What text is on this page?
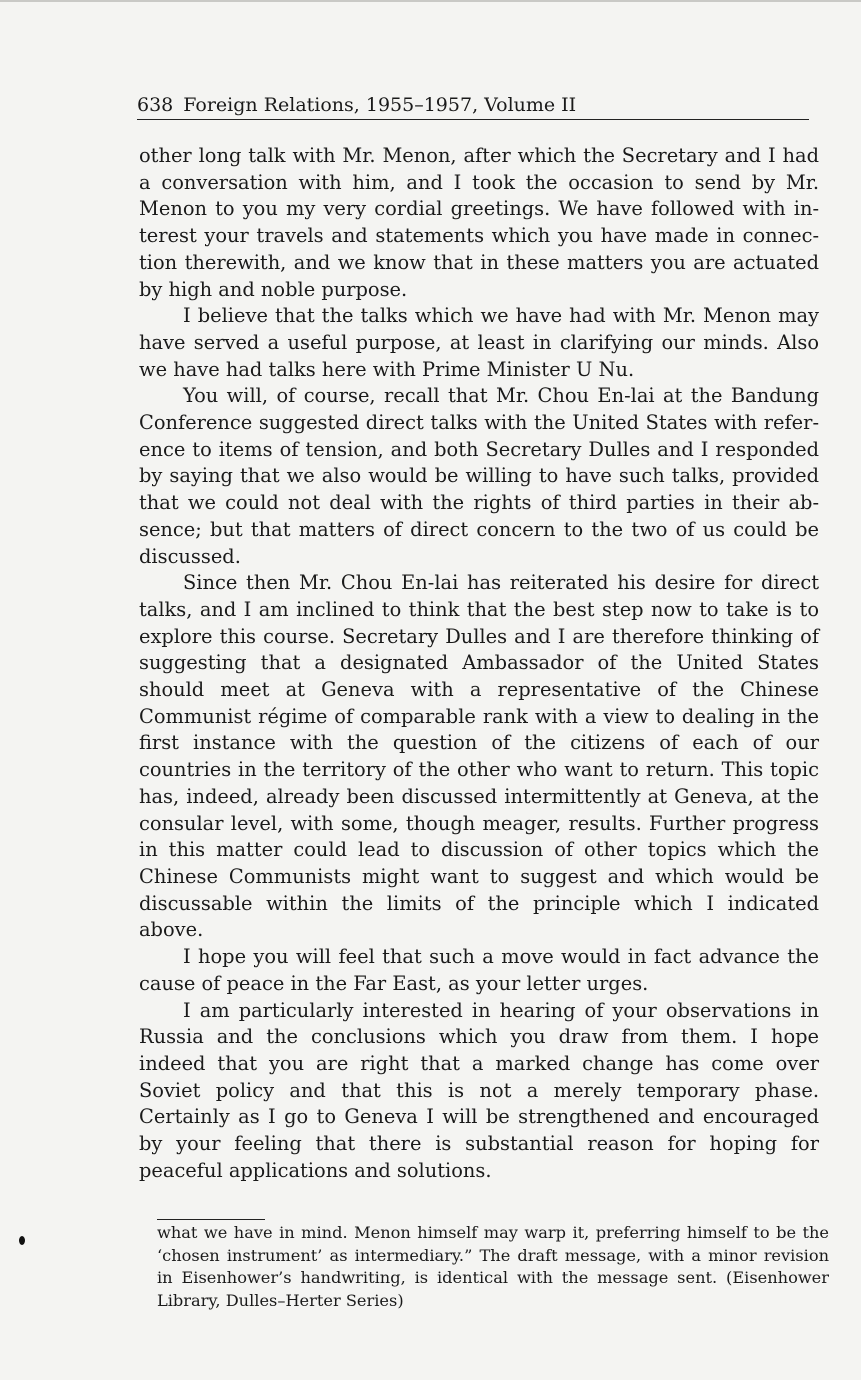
638 Foreign Relations, 1955–1957, Volume II

other long talk with Mr. Menon, after which the Secretary and I had a conversation with him, and I took the occasion to send by Mr. Menon to you my very cordial greetings. We have followed with interest your travels and statements which you have made in connection therewith, and we know that in these matters you are actuated by high and noble purpose.

I believe that the talks which we have had with Mr. Menon may have served a useful purpose, at least in clarifying our minds. Also we have had talks here with Prime Minister U Nu.

You will, of course, recall that Mr. Chou En-lai at the Bandung Conference suggested direct talks with the United States with reference to items of tension, and both Secretary Dulles and I responded by saying that we also would be willing to have such talks, provided that we could not deal with the rights of third parties in their absence; but that matters of direct concern to the two of us could be discussed.

Since then Mr. Chou En-lai has reiterated his desire for direct talks, and I am inclined to think that the best step now to take is to explore this course. Secretary Dulles and I are therefore thinking of suggesting that a designated Ambassador of the United States should meet at Geneva with a representative of the Chinese Communist régime of comparable rank with a view to dealing in the first instance with the question of the citizens of each of our countries in the territory of the other who want to return. This topic has, indeed, already been discussed intermittently at Geneva, at the consular level, with some, though meager, results. Further progress in this matter could lead to discussion of other topics which the Chinese Communists might want to suggest and which would be discussable within the limits of the principle which I indicated above.

I hope you will feel that such a move would in fact advance the cause of peace in the Far East, as your letter urges.

I am particularly interested in hearing of your observations in Russia and the conclusions which you draw from them. I hope indeed that you are right that a marked change has come over Soviet policy and that this is not a merely temporary phase. Certainly as I go to Geneva I will be strengthened and encouraged by your feeling that there is substantial reason for hoping for peaceful applications and solutions.

what we have in mind. Menon himself may warp it, preferring himself to be the ‘chosen instrument’ as intermediary.” The draft message, with a minor revision in Eisenhower’s handwriting, is identical with the message sent. (Eisenhower Library, Dulles–Herter Series)
